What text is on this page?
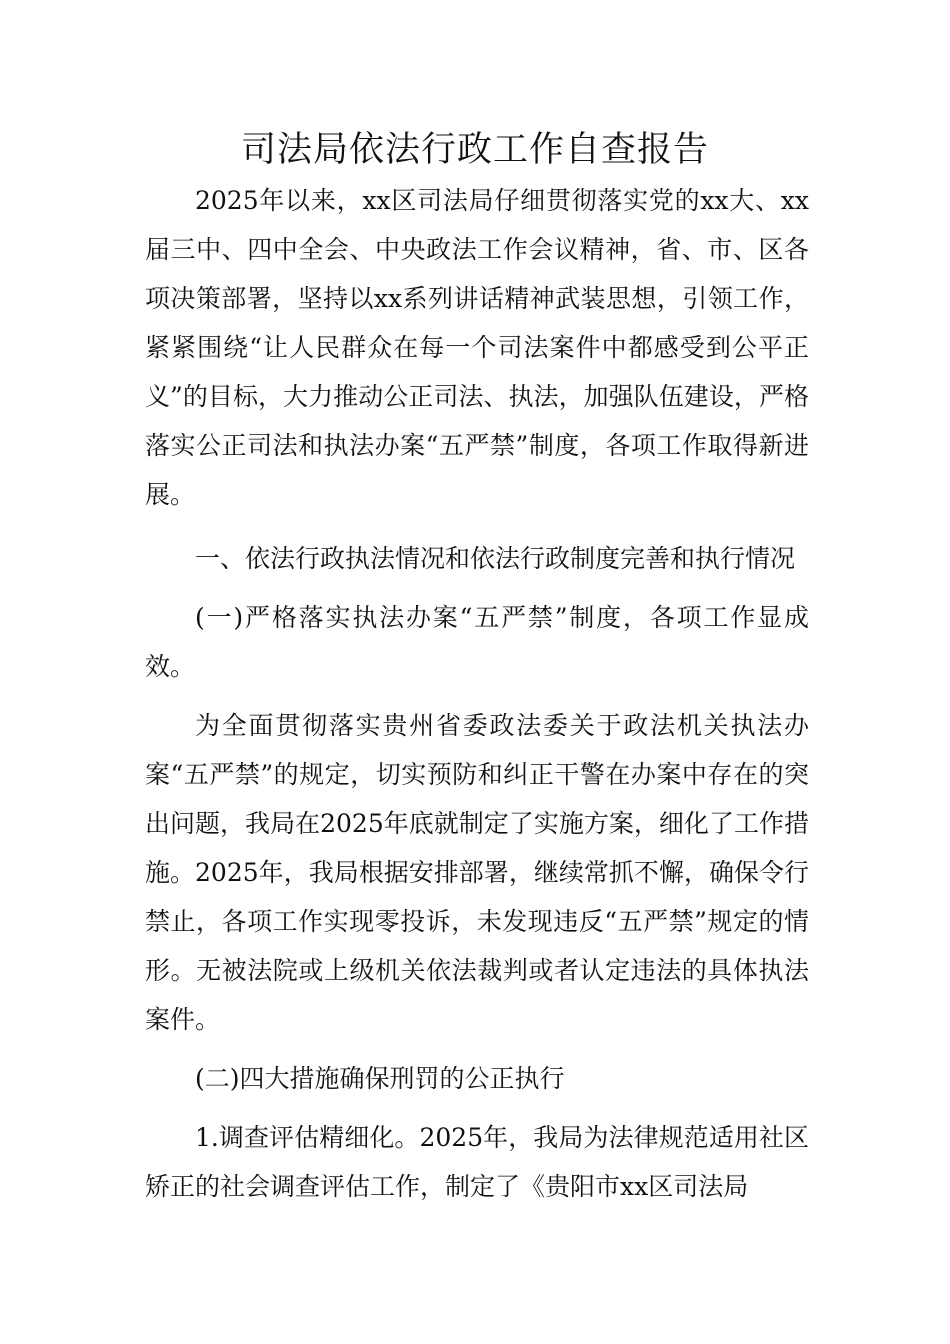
司法局依法行政工作自查报告

2025年以来，xx区司法局仔细贯彻落实党的xx大、xx届三中、四中全会、中央政法工作会议精神，省、市、区各项决策部署，坚持以xx系列讲话精神武装思想，引领工作，紧紧围绕“让人民群众在每一个司法案件中都感受到公平正义”的目标，大力推动公正司法、执法，加强队伍建设，严格落实公正司法和执法办案“五严禁”制度，各项工作取得新进展。

一、依法行政执法情况和依法行政制度完善和执行情况

(一)严格落实执法办案“五严禁”制度，各项工作显成效。

为全面贯彻落实贵州省委政法委关于政法机关执法办案“五严禁”的规定，切实预防和纠正干警在办案中存在的突出问题，我局在2025年底就制定了实施方案，细化了工作措施。2025年，我局根据安排部署，继续常抓不懈，确保令行禁止，各项工作实现零投诉，未发现违反“五严禁”规定的情形。无被法院或上级机关依法裁判或者认定违法的具体执法案件。

(二)四大措施确保刑罚的公正执行

1.调查评估精细化。2025年，我局为法律规范适用社区矫正的社会调查评估工作，制定了《贵阳市xx区司法局
